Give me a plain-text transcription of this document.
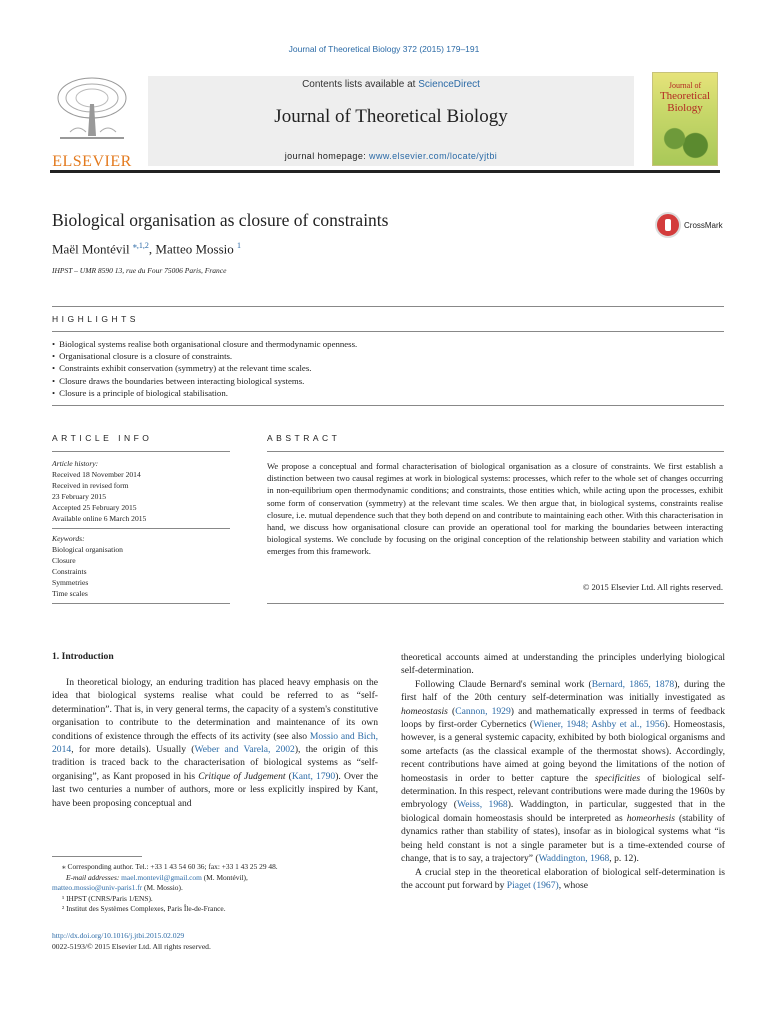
Journal of Theoretical Biology 372 (2015) 179–191
ELSEVIER
Contents lists available at ScienceDirect
Journal of Theoretical Biology
journal homepage: www.elsevier.com/locate/yjtbi
Journal of
Theoretical
Biology
Biological organisation as closure of constraints
Maël Montévil $^{⁎,1,2}$, Matteo Mossio $^1$
IHPST – UMR 8590 13, rue du Four 75006 Paris, France
CrossMark
HIGHLIGHTS
• Biological systems realise both organisational closure and thermodynamic openness.
• Organisational closure is a closure of constraints.
• Constraints exhibit conservation (symmetry) at the relevant time scales.
• Closure draws the boundaries between interacting biological systems.
• Closure is a principle of biological stabilisation.
ARTICLE INFO
Article history:
Received 18 November 2014
Received in revised form
23 February 2015
Accepted 25 February 2015
Available online 6 March 2015
Keywords:
Biological organisation
Closure
Constraints
Symmetries
Time scales
ABSTRACT
We propose a conceptual and formal characterisation of biological organisation as a closure of constraints. We first establish a distinction between two causal regimes at work in biological systems: processes, which refer to the whole set of changes occurring in non-equilibrium open thermodynamic conditions; and constraints, those entities which, while acting upon the processes, exhibit some form of conservation (symmetry) at the relevant time scales. We then argue that, in biological systems, constraints realise closure, i.e. mutual dependence such that they both depend on and contribute to maintaining each other. With this characterisation in hand, we discuss how organisational closure can provide an operational tool for marking the boundaries between interacting biological systems. We conclude by focusing on the original conception of the relationship between stability and variation which emerges from this framework.
© 2015 Elsevier Ltd. All rights reserved.
1. Introduction

In theoretical biology, an enduring tradition has placed heavy emphasis on the idea that biological systems realise what could be referred to as “self-determination”. That is, in very general terms, the capacity of a system's constitutive organisation to contribute to the determination and maintenance of its own conditions of existence through the effects of its activity (see also Mossio and Bich, 2014, for more details). Usually (Weber and Varela, 2002), the origin of this tradition is traced back to the characterisation of biological systems as “self-organising”, as Kant proposed in his Critique of Judgement (Kant, 1790). Over the last two centuries a number of authors, more or less explicitly inspired by Kant, have been proposing conceptual and

theoretical accounts aimed at understanding the principles underlying biological self-determination.

Following Claude Bernard's seminal work (Bernard, 1865, 1878), during the first half of the 20th century self-determination was initially investigated as homeostasis (Cannon, 1929) and mathematically expressed in terms of feedback loops by first-order Cybernetics (Wiener, 1948; Ashby et al., 1956). Homeostasis, however, is a general systemic capacity, exhibited by both biological organisms and some artefacts (as the classical example of the thermostat shows). Accordingly, recent contributions have aimed at going beyond the limitations of the notion of homeostasis in order to better capture the specificities of biological self-determination. In this respect, relevant contributions were made during the 1960s by embryology (Weiss, 1968). Waddington, in particular, suggested that in the biological domain homeostasis should be interpreted as homeorhesis (stability of dynamics rather than stability of states), insofar as in biological systems what “is being held constant is not a single parameter but is a time-extended course of change, that is to say, a trajectory” (Waddington, 1968, p. 12).

A crucial step in the theoretical elaboration of biological self-determination is the account put forward by Piaget (1967), whose

⁎ Corresponding author. Tel.: +33 1 43 54 60 36; fax: +33 1 43 25 29 48.
E-mail addresses: mael.montevil@gmail.com (M. Montévil),
matteo.mossio@univ-paris1.fr (M. Mossio).
¹ IHPST (CNRS/Paris 1/ENS).
² Institut des Systèmes Complexes, Paris Île-de-France.
http://dx.doi.org/10.1016/j.jtbi.2015.02.029
0022-5193/© 2015 Elsevier Ltd. All rights reserved.
